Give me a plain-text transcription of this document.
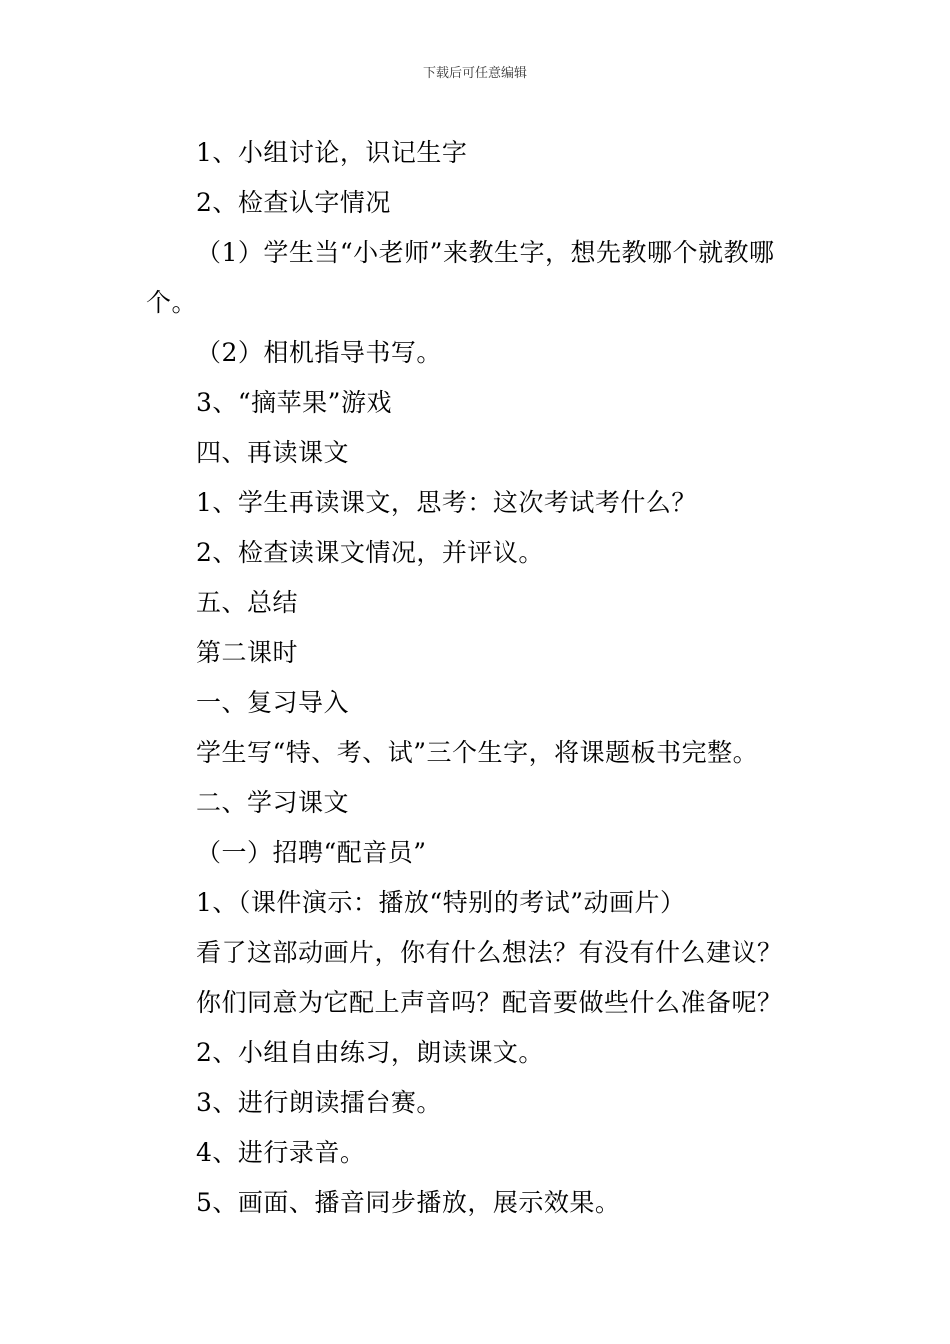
下载后可任意编辑
1、小组讨论，识记生字
2、检查认字情况
（1）学生当“小老师”来教生字，想先教哪个就教哪
个。
（2）相机指导书写。
3、“摘苹果”游戏
四、再读课文
1、学生再读课文，思考：这次考试考什么？
2、检查读课文情况，并评议。
五、总结
第二课时
一、复习导入
学生写“特、考、试”三个生字，将课题板书完整。
二、学习课文
（一）招聘“配音员”
1、（课件演示：播放“特别的考试”动画片）
看了这部动画片，你有什么想法？有没有什么建议？
你们同意为它配上声音吗？配音要做些什么准备呢？
2、小组自由练习，朗读课文。
3、进行朗读擂台赛。
4、进行录音。
5、画面、播音同步播放，展示效果。
